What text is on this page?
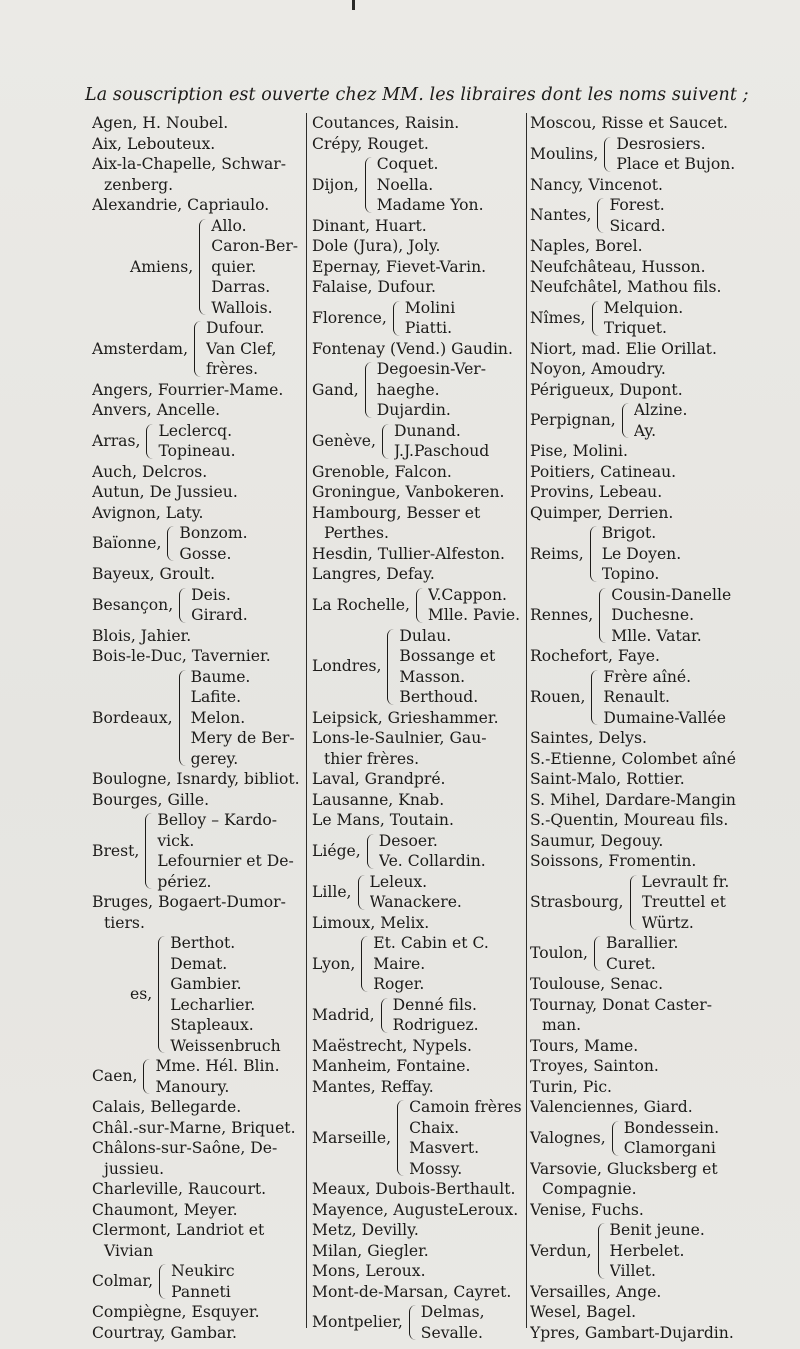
La souscription est ouverte chez MM. les libraires dont les noms suivent ;
Agen, H. Noubel.
Aix, Lebouteux.
Aix-la-Chapelle, Schwar-
zenberg.
Alexandrie, Capriaulo.
Amiens,
Allo.
Caron-Ber-
quier.
Darras.
Wallois.
Amsterdam,
Dufour.
Van Clef,
frères.
Angers, Fourrier-Mame.
Anvers, Ancelle.
Arras,
Leclercq.
Topineau.
Auch, Delcros.
Autun, De Jussieu.
Avignon, Laty.
Baïonne,
Bonzom.
Gosse.
Bayeux, Groult.
Besançon,
Deis.
Girard.
Blois, Jahier.
Bois-le-Duc, Tavernier.
Bordeaux,
Baume.
Lafite.
Melon.
Mery de Ber-
gerey.
Boulogne, Isnardy, bibliot.
Bourges, Gille.
Brest,
Belloy – Kardo-
vick.
Lefournier et De-
périez.
Bruges, Bogaert-Dumor-
tiers.
es,
Berthot.
Demat.
Gambier.
Lecharlier.
Stapleaux.
Weissenbruch
Caen,
Mme. Hél. Blin.
Manoury.
Calais, Bellegarde.
Châl.-sur-Marne, Briquet.
Châlons-sur-Saône, De-
jussieu.
Charleville, Raucourt.
Chaumont, Meyer.
Clermont, Landriot et
Vivian
Colmar,
Neukirc
Panneti
Compiègne, Esquyer.
Courtray, Gambar.
Coutances, Raisin.
Crépy, Rouget.
Dijon,
Coquet.
Noella.
Madame Yon.
Dinant, Huart.
Dole (Jura), Joly.
Epernay, Fievet-Varin.
Falaise, Dufour.
Florence,
Molini
Piatti.
Fontenay (Vend.) Gaudin.
Gand,
Degoesin-Ver-
haeghe.
Dujardin.
Genève,
Dunand.
J.J.Paschoud
Grenoble, Falcon.
Groningue, Vanbokeren.
Hambourg, Besser et
Perthes.
Hesdin, Tullier-Alfeston.
Langres, Defay.
La Rochelle,
V.Cappon.
Mlle. Pavie.
Londres,
Dulau.
Bossange et
Masson.
Berthoud.
Leipsick, Grieshammer.
Lons-le-Saulnier, Gau-
thier frères.
Laval, Grandpré.
Lausanne, Knab.
Le Mans, Toutain.
Liége,
Desoer.
Ve. Collardin.
Lille,
Leleux.
Wanackere.
Limoux, Melix.
Lyon,
Et. Cabin et C.
Maire.
Roger.
Madrid,
Denné fils.
Rodriguez.
Maëstrecht, Nypels.
Manheim, Fontaine.
Mantes, Reffay.
Marseille,
Camoin frères
Chaix.
Masvert.
Mossy.
Meaux, Dubois-Berthault.
Mayence, AugusteLeroux.
Metz, Devilly.
Milan, Giegler.
Mons, Leroux.
Mont-de-Marsan, Cayret.
Montpelier,
Delmas,
Sevalle.
Moscou, Risse et Saucet.
Moulins,
Desrosiers.
Place et Bujon.
Nancy, Vincenot.
Nantes,
Forest.
Sicard.
Naples, Borel.
Neufchâteau, Husson.
Neufchâtel, Mathou fils.
Nîmes,
Melquion.
Triquet.
Niort, mad. Elie Orillat.
Noyon, Amoudry.
Périgueux, Dupont.
Perpignan,
Alzine.
Ay.
Pise, Molini.
Poitiers, Catineau.
Provins, Lebeau.
Quimper, Derrien.
Reims,
Brigot.
Le Doyen.
Topino.
Rennes,
Cousin-Danelle
Duchesne.
Mlle. Vatar.
Rochefort, Faye.
Rouen,
Frère aîné.
Renault.
Dumaine-Vallée
Saintes, Delys.
S.-Etienne, Colombet aîné
Saint-Malo, Rottier.
S. Mihel, Dardare-Mangin
S.-Quentin, Moureau fils.
Saumur, Degouy.
Soissons, Fromentin.
Strasbourg,
Levrault fr.
Treuttel et
Würtz.
Toulon,
Barallier.
Curet.
Toulouse, Senac.
Tournay, Donat Caster-
man.
Tours, Mame.
Troyes, Sainton.
Turin, Pic.
Valenciennes, Giard.
Valognes,
Bondessein.
Clamorgani
Varsovie, Glucksberg et
Compagnie.
Venise, Fuchs.
Verdun,
Benit jeune.
Herbelet.
Villet.
Versailles, Ange.
Wesel, Bagel.
Ypres, Gambart-Dujardin.
